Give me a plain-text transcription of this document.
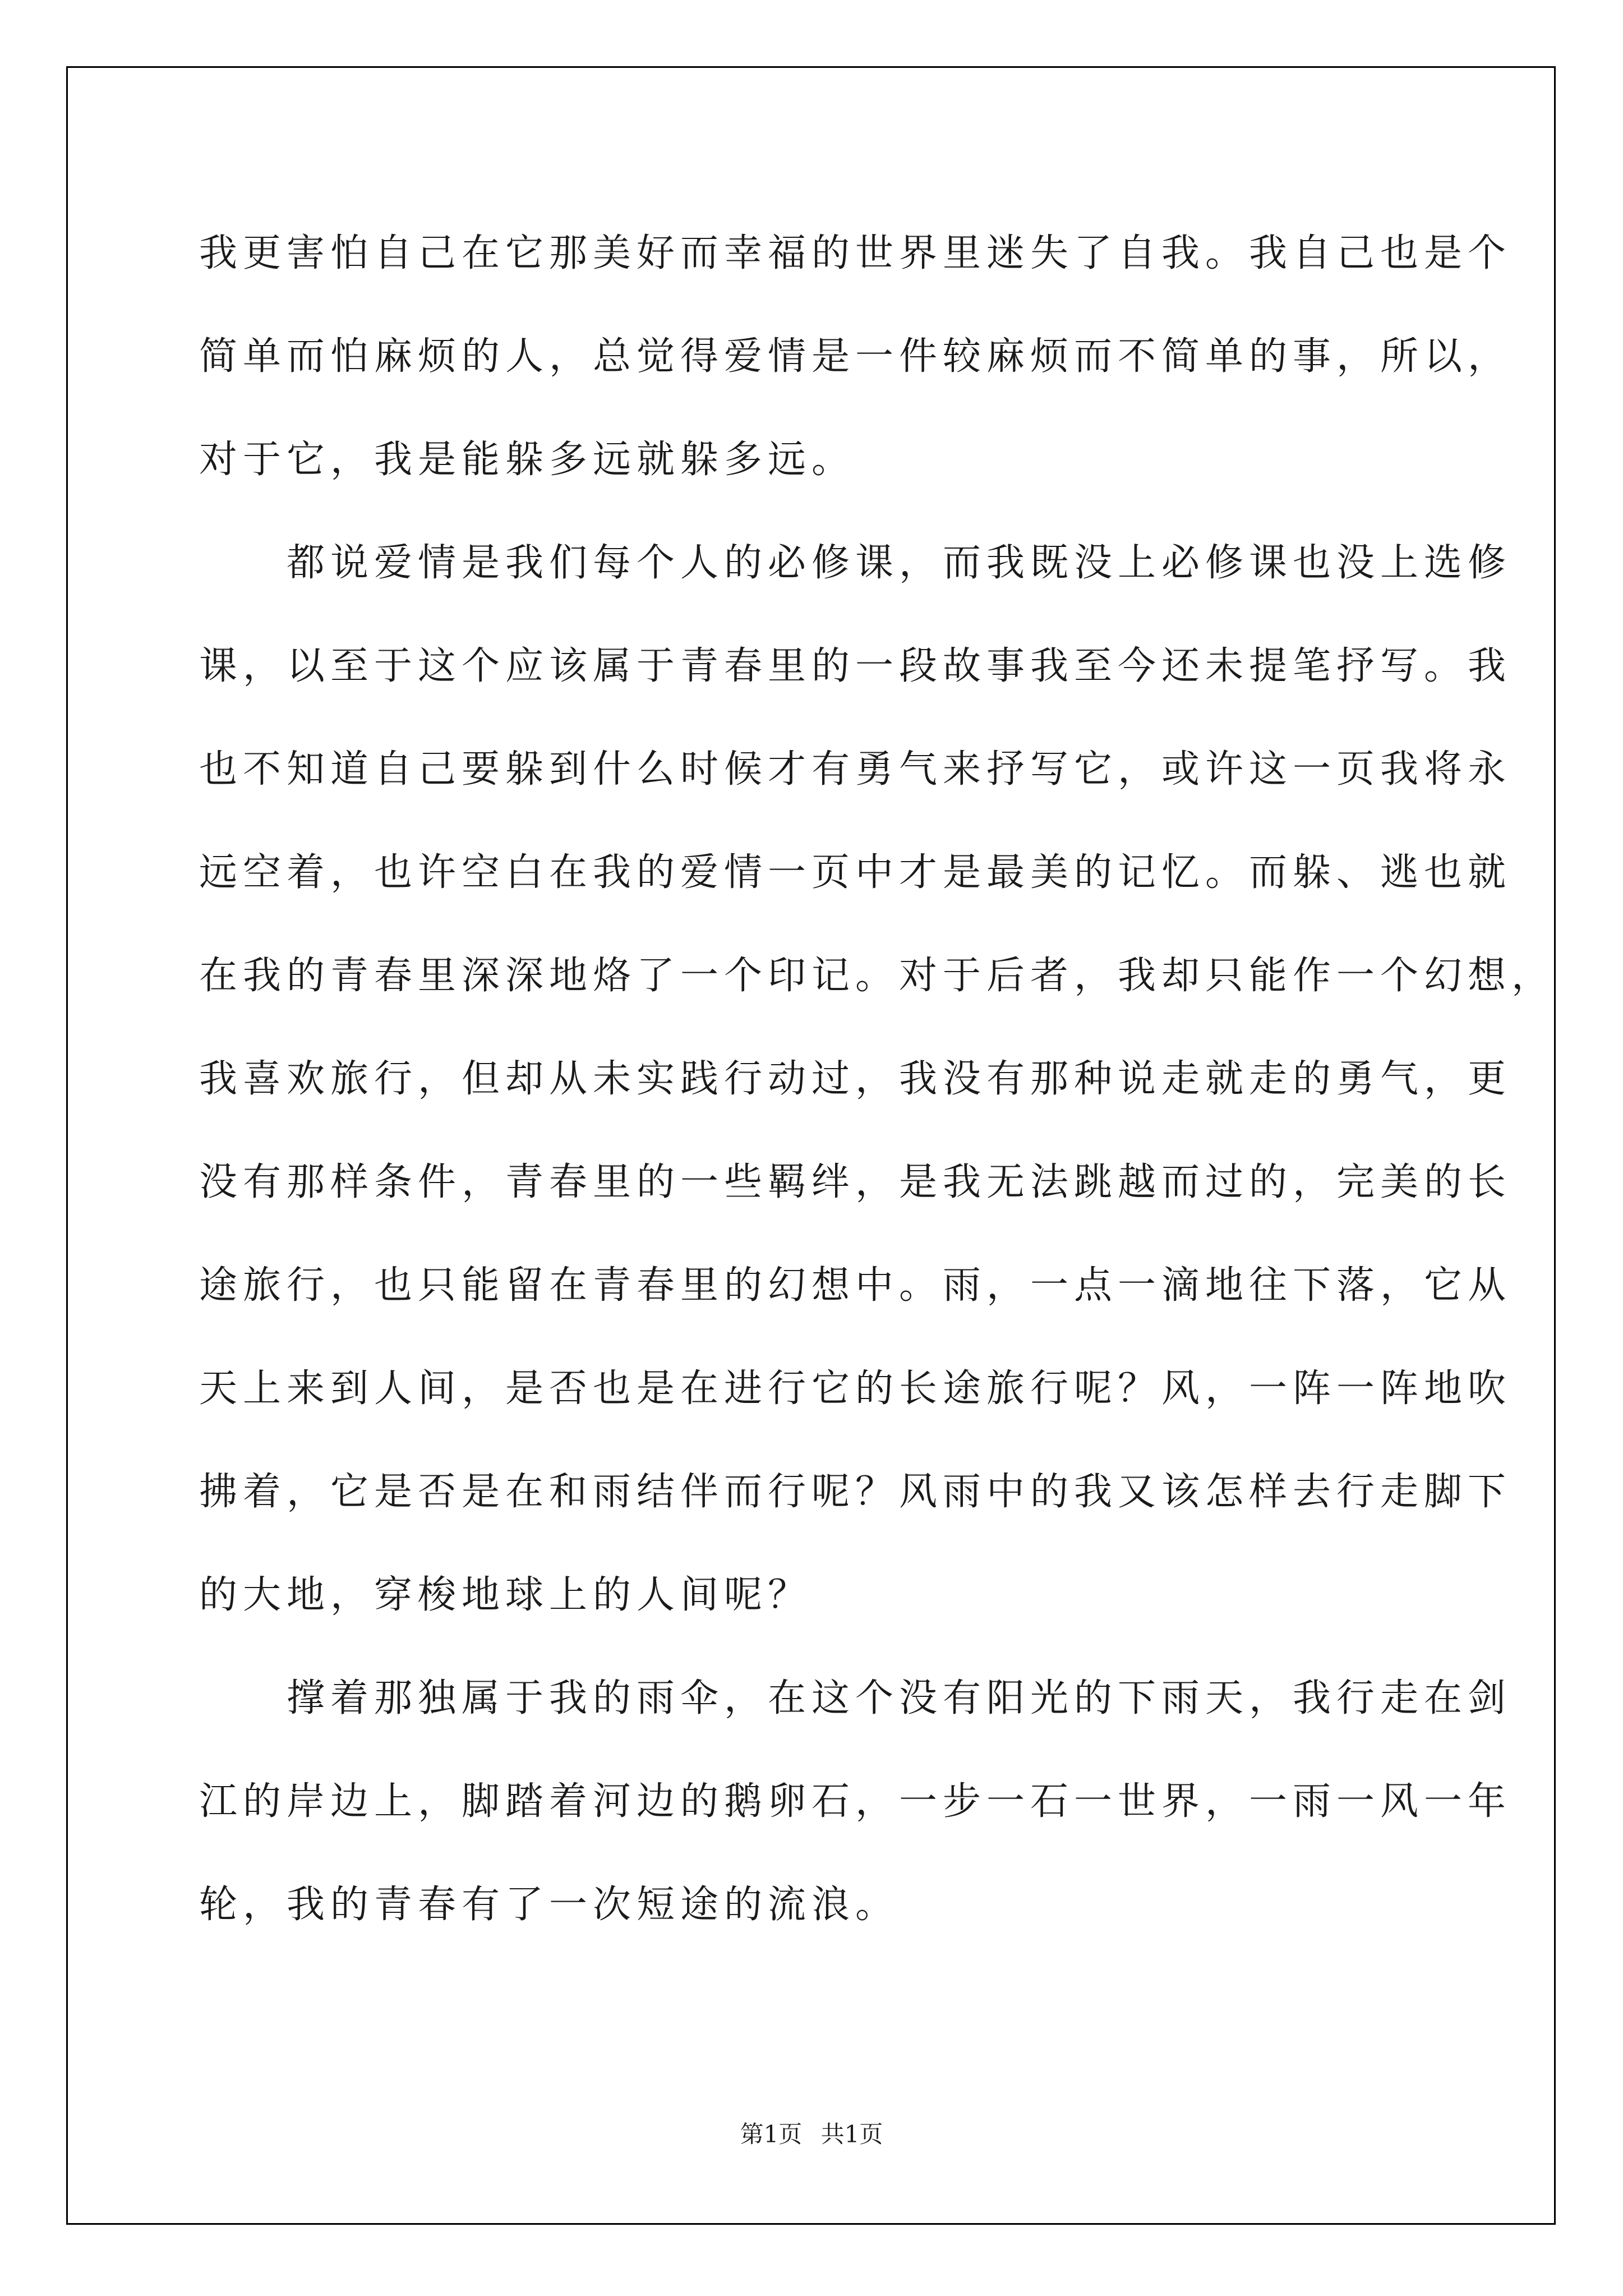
我更害怕自己在它那美好而幸福的世界里迷失了自我。我自己也是个
简单而怕麻烦的人，总觉得爱情是一件较麻烦而不简单的事，所以，
对于它，我是能躲多远就躲多远。
　　都说爱情是我们每个人的必修课，而我既没上必修课也没上选修
课，以至于这个应该属于青春里的一段故事我至今还未提笔抒写。我
也不知道自己要躲到什么时候才有勇气来抒写它，或许这一页我将永
远空着，也许空白在我的爱情一页中才是最美的记忆。而躲、逃也就
在我的青春里深深地烙了一个印记。对于后者，我却只能作一个幻想，
我喜欢旅行，但却从未实践行动过，我没有那种说走就走的勇气，更
没有那样条件，青春里的一些羁绊，是我无法跳越而过的，完美的长
途旅行，也只能留在青春里的幻想中。雨，一点一滴地往下落，它从
天上来到人间，是否也是在进行它的长途旅行呢？风，一阵一阵地吹
拂着，它是否是在和雨结伴而行呢？风雨中的我又该怎样去行走脚下
的大地，穿梭地球上的人间呢？
　　撑着那独属于我的雨伞，在这个没有阳光的下雨天，我行走在剑
江的岸边上，脚踏着河边的鹅卵石，一步一石一世界，一雨一风一年
轮，我的青春有了一次短途的流浪。
第1页 共1页
